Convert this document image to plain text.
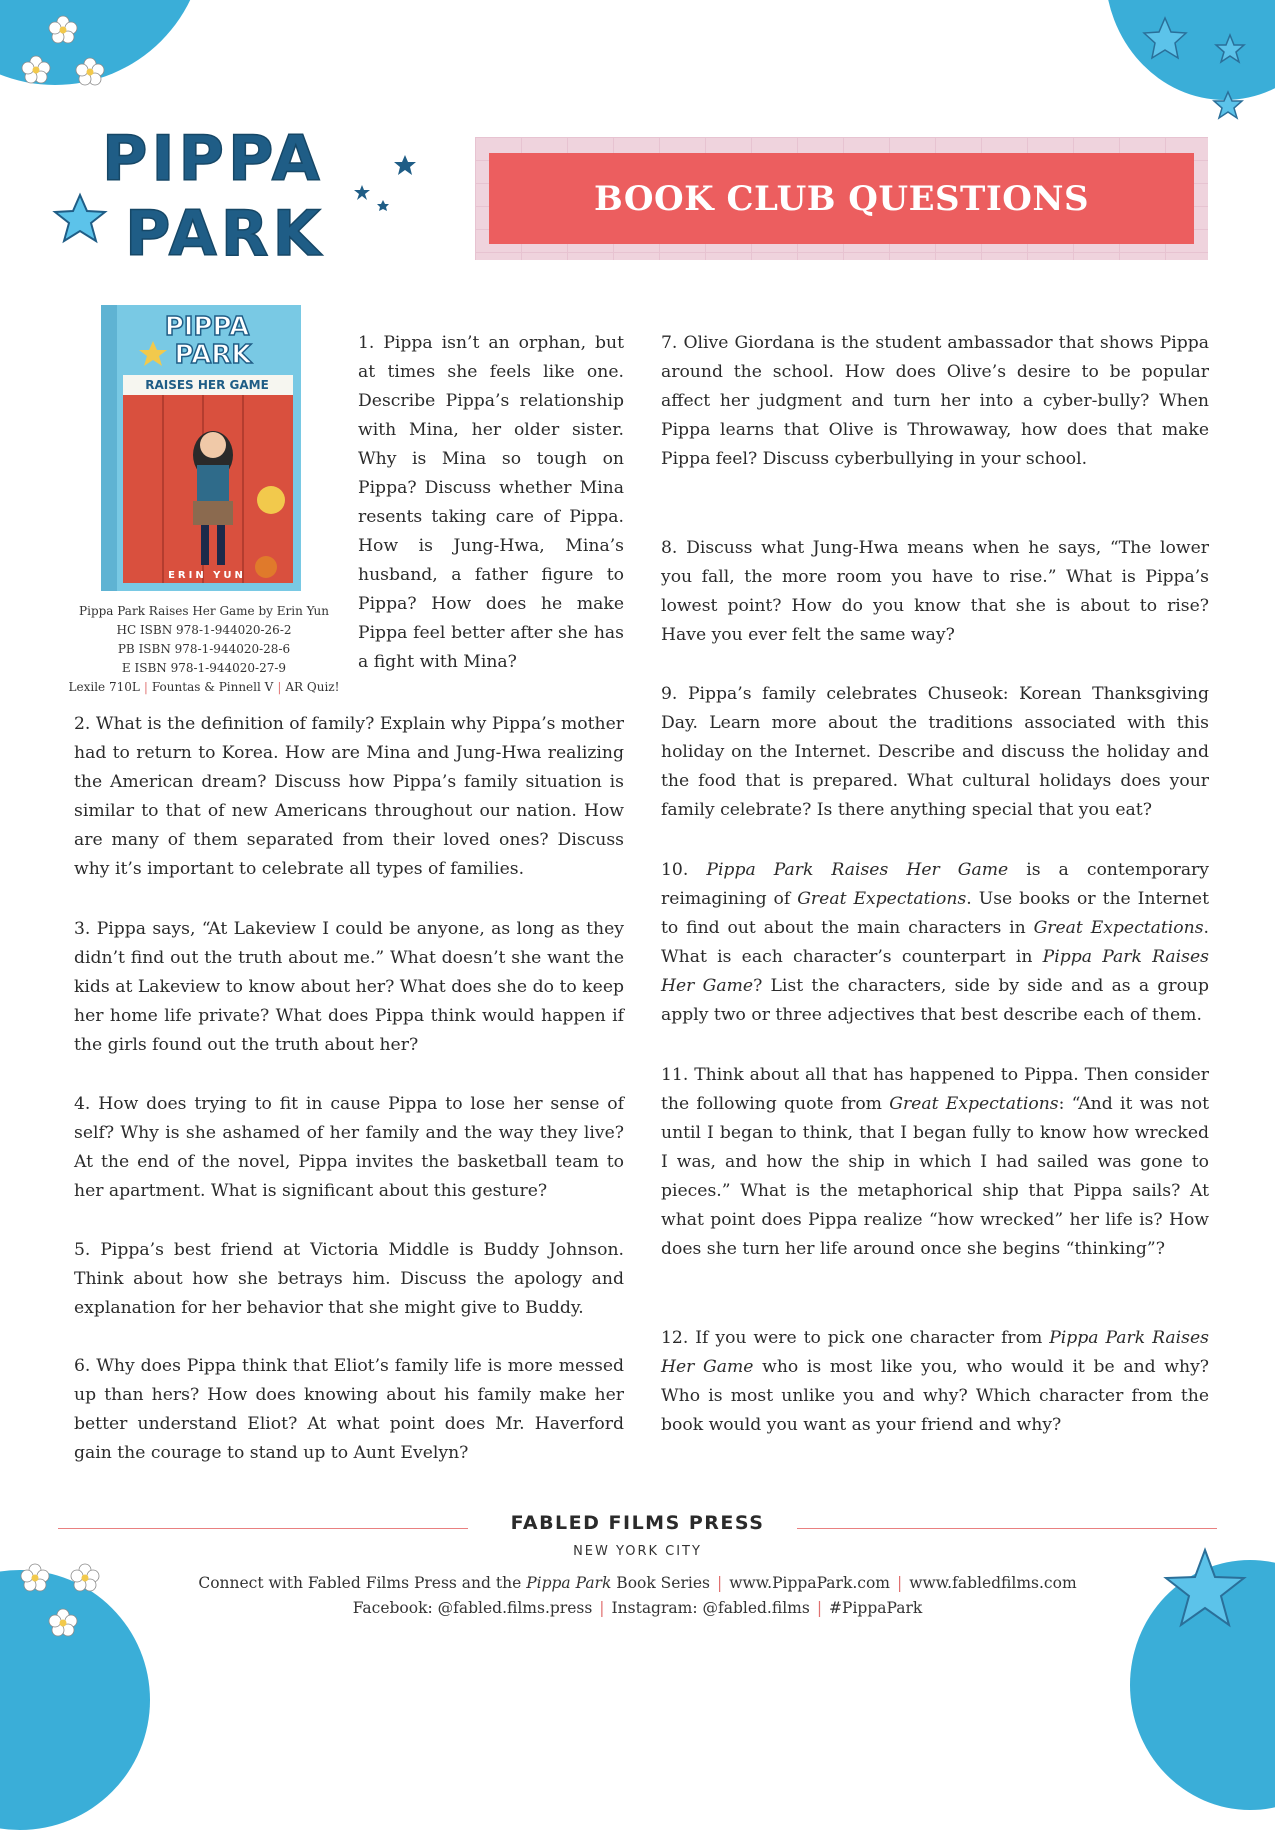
PIPPA
PARK	BOOK CLUB QUESTIONS
RAISES HER GAME
PIPPA
PARK
ERIN YUN
Pippa Park Raises Her Game by Erin Yun
HC ISBN 978-1-944020-26-2
PB ISBN 978-1-944020-28-6
E ISBN 978-1-944020-27-9
Lexile 710L | Fountas & Pinnell V | AR Quiz!

1. Pippa isn’t an orphan, but at times she feels like one. Describe Pippa’s relationship with Mina, her older sister. Why is Mina so tough on Pippa? Discuss whether Mina resents taking care of Pippa. How is Jung-Hwa, Mina’s husband, a father figure to Pippa? How does he make Pippa feel better after she has a fight with Mina?

2. What is the definition of family? Explain why Pippa’s mother had to return to Korea. How are Mina and Jung-Hwa realizing the American dream? Discuss how Pippa’s family situation is similar to that of new Americans throughout our nation. How are many of them separated from their loved ones? Discuss why it’s important to celebrate all types of families.

3. Pippa says, “At Lakeview I could be anyone, as long as they didn’t find out the truth about me.” What doesn’t she want the kids at Lakeview to know about her? What does she do to keep her home life private? What does Pippa think would happen if the girls found out the truth about her?

4. How does trying to fit in cause Pippa to lose her sense of self? Why is she ashamed of her family and the way they live? At the end of the novel, Pippa invites the basketball team to her apartment. What is significant about this gesture?

5. Pippa’s best friend at Victoria Middle is Buddy Johnson. Think about how she betrays him. Discuss the apology and explanation for her behavior that she might give to Buddy.

6. Why does Pippa think that Eliot’s family life is more messed up than hers? How does knowing about his family make her better understand Eliot? At what point does Mr. Haverford gain the courage to stand up to Aunt Evelyn?

7. Olive Giordana is the student ambassador that shows Pippa around the school. How does Olive’s desire to be popular affect her judgment and turn her into a cyber-bully? When Pippa learns that Olive is Throwaway, how does that make Pippa feel? Discuss cyberbullying in your school.

8. Discuss what Jung-Hwa means when he says, “The lower you fall, the more room you have to rise.” What is Pippa’s lowest point? How do you know that she is about to rise? Have you ever felt the same way?

9. Pippa’s family celebrates Chuseok: Korean Thanksgiving Day. Learn more about the traditions associated with this holiday on the Internet. Describe and discuss the holiday and the food that is prepared. What cultural holidays does your family celebrate? Is there anything special that you eat?

10. Pippa Park Raises Her Game is a contemporary reimagining of Great Expectations. Use books or the Internet to find out about the main characters in Great Expectations. What is each character’s counterpart in Pippa Park Raises Her Game? List the characters, side by side and as a group apply two or three adjectives that best describe each of them.

11. Think about all that has happened to Pippa. Then consider the following quote from Great Expectations: “And it was not until I began to think, that I began fully to know how wrecked I was, and how the ship in which I had sailed was gone to pieces.” What is the metaphorical ship that Pippa sails? At what point does Pippa realize “how wrecked” her life is? How does she turn her life around once she begins “thinking”?

12. If you were to pick one character from Pippa Park Raises Her Game who is most like you, who would it be and why? Who is most unlike you and why? Which character from the book would you want as your friend and why?

FABLED FILMS PRESS
NEW YORK CITY
Connect with Fabled Films Press and the Pippa Park Book Series | www.PippaPark.com | www.fabledfilms.com
Facebook: @fabled.films.press | Instagram: @fabled.films | #PippaPark
